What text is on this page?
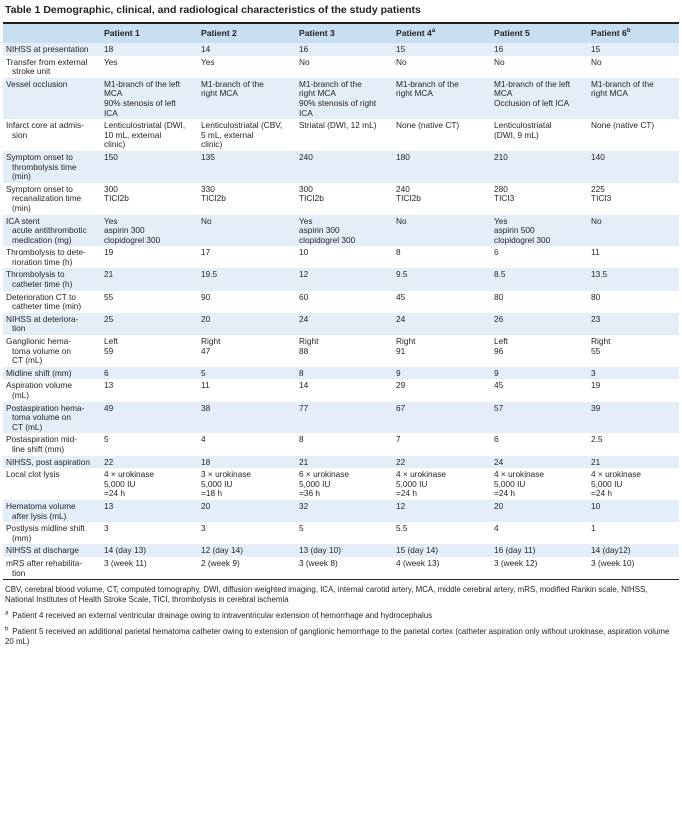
Table 1 Demographic, clinical, and radiological characteristics of the study patients
	Patient 1	Patient 2	Patient 3	Patient 4$^a$	Patient 5	Patient 6$^b$

NIHSS at presentation	18	14	16	15	16	15

Transfer from external
stroke unit	Yes	Yes	No	No	No	No

Vessel occlusion	M1-branch of the left
MCA
90% stenosis of left
ICA	M1-branch of the
right MCA	M1-branch of the
right MCA
90% stenosis of right
ICA	M1-branch of the
right MCA	M1-branch of the left
MCA
Occlusion of left ICA	M1-branch of the
right MCA

Infarct core at admis-
sion	Lenticulostriatal (DWI,
10 mL, external
clinic)	Lenticulostriatal (CBV,
5 mL, external
clinic)	Striatal (DWI, 12 mL)	None (native CT)	Lenticulostriatal
(DWI, 9 mL)	None (native CT)

Symptom onset to
thrombolysis time
(min)	150	135	240	180	210	140

Symptom onset to
recanalization time
(min)	300
TICI2b	330
TICI2b	300
TICI2b	240
TICI2b	280
TICI3	225
TICI3

ICA stent
acute antithrombotic
medication (mg)	Yes
aspirin 300
clopidogrel 300	No	Yes
aspirin 300
clopidogrel 300	No	Yes
aspirin 500
clopidogrel 300	No

Thrombolysis to dete-
rioration time (h)	19	17	10	8	6	11

Thrombolysis to
catheter time (h)	21	19.5	12	9.5	8.5	13.5

Deterioration CT to
catheter time (min)	55	90	60	45	80	80

NIHSS at deteriora-
tion	25	20	24	24	26	23

Ganglionic hema-
toma volume on
CT (mL)	Left
59	Right
47	Right
88	Right
91	Left
96	Right
55

Midline shift (mm)	6	5	8	9	9	3

Aspiration volume
(mL)	13	11	14	29	45	19

Postaspiration hema-
toma volume on
CT (mL)	49	38	77	67	57	39

Postaspiration mid-
line shift (mm)	5	4	8	7	6	2.5

NIHSS, post aspiration	22	18	21	22	24	21

Local clot lysis	4 × urokinase
5,000 IU
=24 h	3 × urokinase
5,000 IU
=18 h	6 × urokinase
5,000 IU
=36 h	4 × urokinase
5,000 IU
=24 h	4 × urokinase
5,000 IU
=24 h	4 × urokinase
5,000 IU
=24 h

Hematoma volume
after lysis (mL)	13	20	32	12	20	10

Postlysis midline shift
(mm)	3	3	5	5.5	4	1

NIHSS at discharge	14 (day 13)	12 (day 14)	13 (day 10)	15 (day 14)	16 (day 11)	14 (day12)

mRS after rehabilita-
tion	3 (week 11)	2 (week 9)	3 (week 8)	4 (week 13)	3 (week 12)	3 (week 10)

CBV, cerebral blood volume, CT, computed tomography, DWI, diffusion weighted imaging, ICA, internal carotid artery, MCA, middle cerebral artery, mRS, modified Rankin scale, NIHSS, National Institutes of Health Stroke Scale, TICI, thrombolysis in cerebral ischemia

$^a$  Patient 4 received an external ventricular drainage owing to intraventricular extension of hemorrhage and hydrocephalus

$^b$  Patient 5 received an additional parietal hematoma catheter owing to extension of ganglionic hemorrhage to the parietal cortex (catheter aspiration only without urokinase, aspiration volume 20 mL)
